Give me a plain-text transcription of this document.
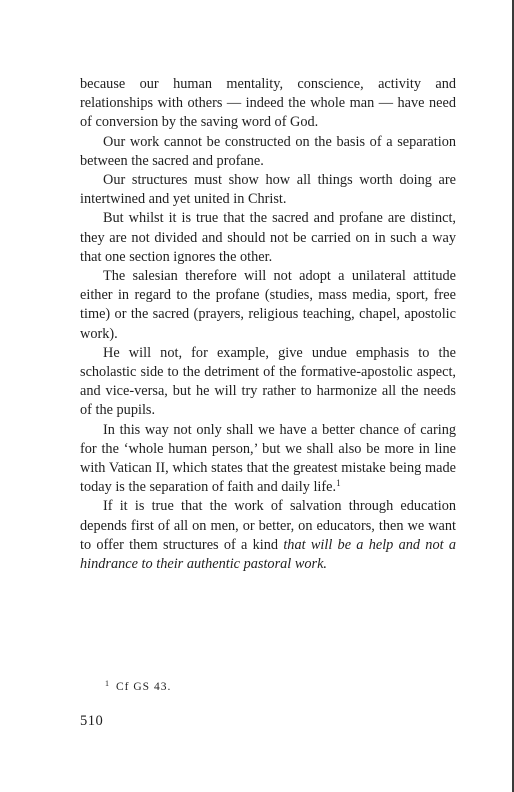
because our human mentality, conscience, activity and relationships with others — indeed the whole man — have need of conversion by the saving word of God.

Our work cannot be constructed on the basis of a separation between the sacred and profane.

Our structures must show how all things worth doing are intertwined and yet united in Christ.

But whilst it is true that the sacred and profane are distinct, they are not divided and should not be carried on in such a way that one section ignores the other.

The salesian therefore will not adopt a unilateral attitude either in regard to the profane (studies, mass media, sport, free time) or the sacred (prayers, religious teaching, chapel, apostolic work).

He will not, for example, give undue emphasis to the scholastic side to the detriment of the formative-apostolic aspect, and vice-versa, but he will try rather to harmonize all the needs of the pupils.

In this way not only shall we have a better chance of caring for the ‘whole human person,’ but we shall also be more in line with Vatican II, which states that the greatest mistake being made today is the separation of faith and daily life.$^1$

If it is true that the work of salvation through education depends first of all on men, or better, on educators, then we want to offer them structures of a kind that will be a help and not a hindrance to their authentic pastoral work.

$^1$ Cf GS 43.
510
